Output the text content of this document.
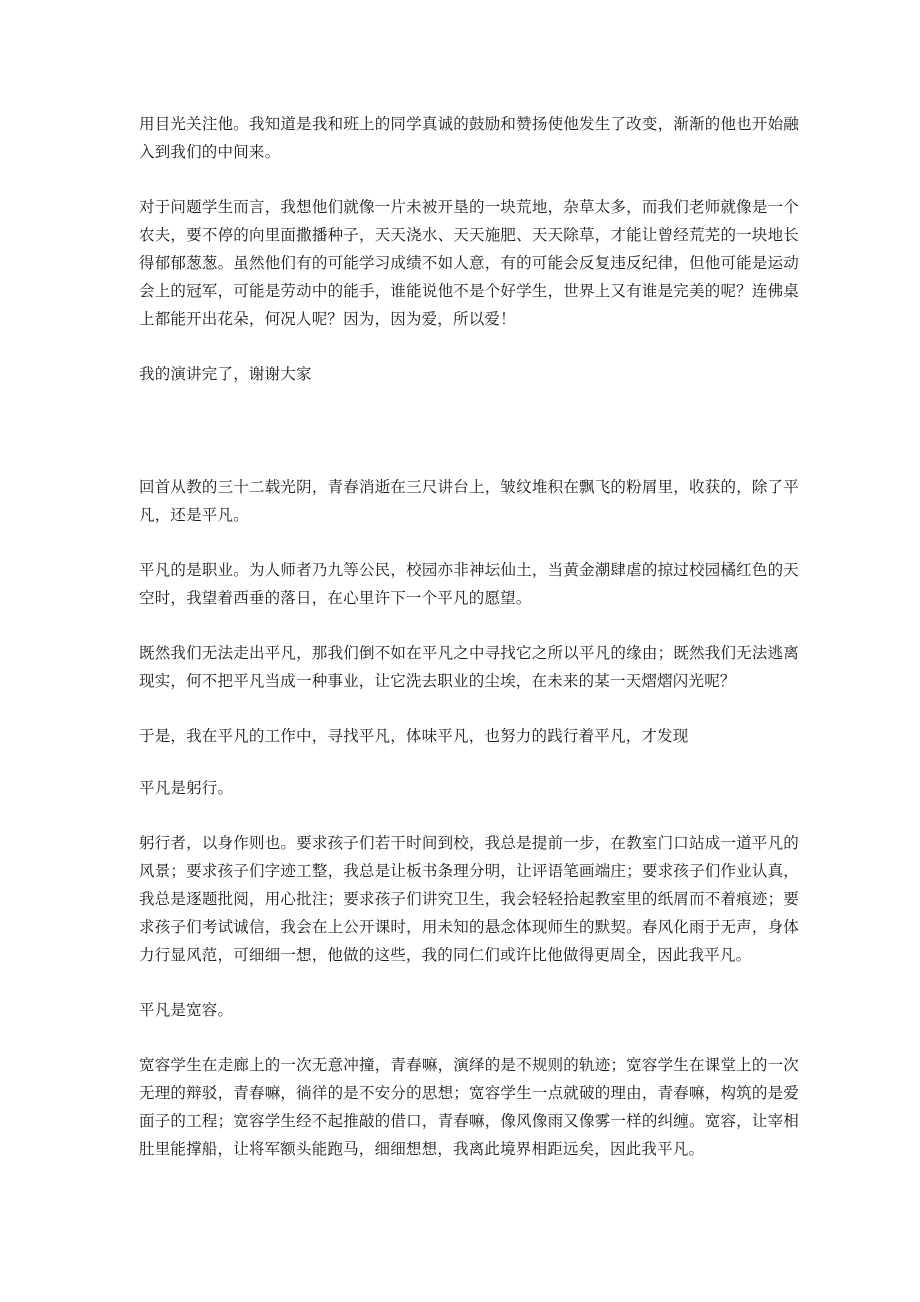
用目光关注他。我知道是我和班上的同学真诚的鼓励和赞扬使他发生了改变，渐渐的他也开始融入到我们的中间来。

对于问题学生而言，我想他们就像一片未被开垦的一块荒地，杂草太多，而我们老师就像是一个农夫，要不停的向里面撒播种子，天天浇水、天天施肥、天天除草，才能让曾经荒芜的一块地长得郁郁葱葱。虽然他们有的可能学习成绩不如人意，有的可能会反复违反纪律，但他可能是运动会上的冠军，可能是劳动中的能手，谁能说他不是个好学生，世界上又有谁是完美的呢？连佛桌上都能开出花朵，何况人呢？因为，因为爱，所以爱！

我的演讲完了，谢谢大家

回首从教的三十二载光阴，青春消逝在三尺讲台上，皱纹堆积在飘飞的粉屑里，收获的，除了平凡，还是平凡。

平凡的是职业。为人师者乃九等公民，校园亦非神坛仙土，当黄金潮肆虐的掠过校园橘红色的天空时，我望着西垂的落日，在心里许下一个平凡的愿望。

既然我们无法走出平凡，那我们倒不如在平凡之中寻找它之所以平凡的缘由；既然我们无法逃离现实，何不把平凡当成一种事业，让它洗去职业的尘埃，在未来的某一天熠熠闪光呢？

于是，我在平凡的工作中，寻找平凡，体味平凡，也努力的践行着平凡，才发现

平凡是躬行。

躬行者，以身作则也。要求孩子们若干时间到校，我总是提前一步，在教室门口站成一道平凡的风景；要求孩子们字迹工整，我总是让板书条理分明，让评语笔画端庄；要求孩子们作业认真，我总是逐题批阅，用心批注；要求孩子们讲究卫生，我会轻轻拾起教室里的纸屑而不着痕迹；要求孩子们考试诚信，我会在上公开课时，用未知的悬念体现师生的默契。春风化雨于无声，身体力行显风范，可细细一想，他做的这些，我的同仁们或许比他做得更周全，因此我平凡。

平凡是宽容。

宽容学生在走廊上的一次无意冲撞，青春嘛，演绎的是不规则的轨迹；宽容学生在课堂上的一次无理的辩驳，青春嘛，徜徉的是不安分的思想；宽容学生一点就破的理由，青春嘛，构筑的是爱面子的工程；宽容学生经不起推敲的借口，青春嘛，像风像雨又像雾一样的纠缠。宽容，让宰相肚里能撑船，让将军额头能跑马，细细想想，我离此境界相距远矣，因此我平凡。
